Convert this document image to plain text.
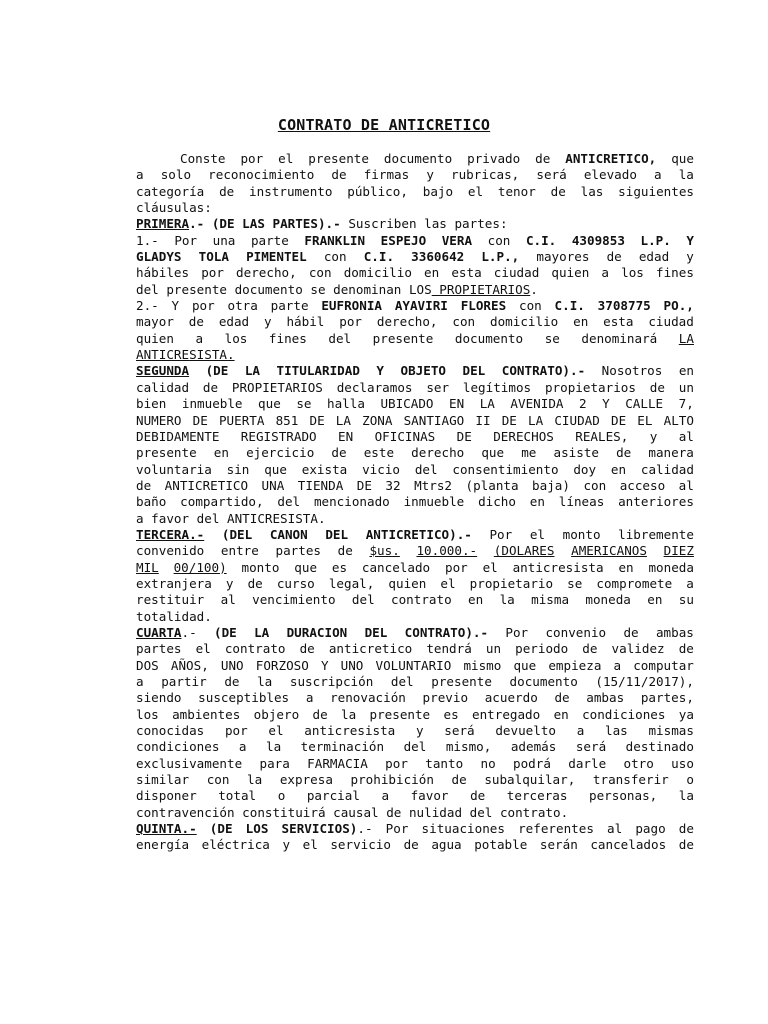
CONTRATO DE ANTICRETICO
Conste por el presente documento privado de ANTICRETICO, que
a solo reconocimiento de firmas y rubricas, será elevado a la
categoría de instrumento público, bajo el tenor de las siguientes
cláusulas:
PRIMERA.- (DE LAS PARTES).- Suscriben las partes:
1.- Por una parte FRANKLIN ESPEJO VERA con C.I. 4309853 L.P. Y
GLADYS TOLA PIMENTEL con C.I. 3360642 L.P., mayores de edad y
hábiles por derecho, con domicilio en esta ciudad quien a los fines
del presente documento se denominan LOS PROPIETARIOS.
2.- Y por otra parte EUFRONIA AYAVIRI FLORES con C.I. 3708775 PO.,
mayor de edad y hábil por derecho, con domicilio en esta ciudad
quien a los fines del presente documento se denominará LA
ANTICRESISTA.
SEGUNDA (DE LA TITULARIDAD Y OBJETO DEL CONTRATO).- Nosotros en
calidad de PROPIETARIOS declaramos ser legítimos propietarios de un
bien inmueble que se halla UBICADO EN LA AVENIDA 2 Y CALLE 7,
NUMERO DE PUERTA 851 DE LA ZONA SANTIAGO II DE LA CIUDAD DE EL ALTO
DEBIDAMENTE REGISTRADO EN OFICINAS DE DERECHOS REALES, y al
presente en ejercicio de este derecho que me asiste de manera
voluntaria sin que exista vicio del consentimiento doy en calidad
de ANTICRETICO UNA TIENDA DE 32 Mtrs2 (planta baja) con acceso al
baño compartido, del mencionado inmueble dicho en líneas anteriores
a favor del ANTICRESISTA.
TERCERA.- (DEL CANON DEL ANTICRETICO).- Por el monto libremente
convenido entre partes de $us. 10.000.- (DOLARES AMERICANOS DIEZ
MIL 00/100) monto que es cancelado por el anticresista en moneda
extranjera y de curso legal, quien el propietario se compromete a
restituir al vencimiento del contrato en la misma moneda en su
totalidad.
CUARTA.- (DE LA DURACION DEL CONTRATO).- Por convenio de ambas
partes el contrato de anticretico tendrá un periodo de validez de
DOS AÑOS, UNO FORZOSO Y UNO VOLUNTARIO mismo que empieza a computar
a partir de la suscripción del presente documento (15/11/2017),
siendo susceptibles a renovación previo acuerdo de ambas partes,
los ambientes objero de la presente es entregado en condiciones ya
conocidas por el anticresista y será devuelto a las mismas
condiciones a la terminación del mismo, además será destinado
exclusivamente para FARMACIA por tanto no podrá darle otro uso
similar con la expresa prohibición de subalquilar, transferir o
disponer total o parcial a favor de terceras personas, la
contravención constituirá causal de nulidad del contrato.
QUINTA.- (DE LOS SERVICIOS).- Por situaciones referentes al pago de
energía eléctrica y el servicio de agua potable serán cancelados de
